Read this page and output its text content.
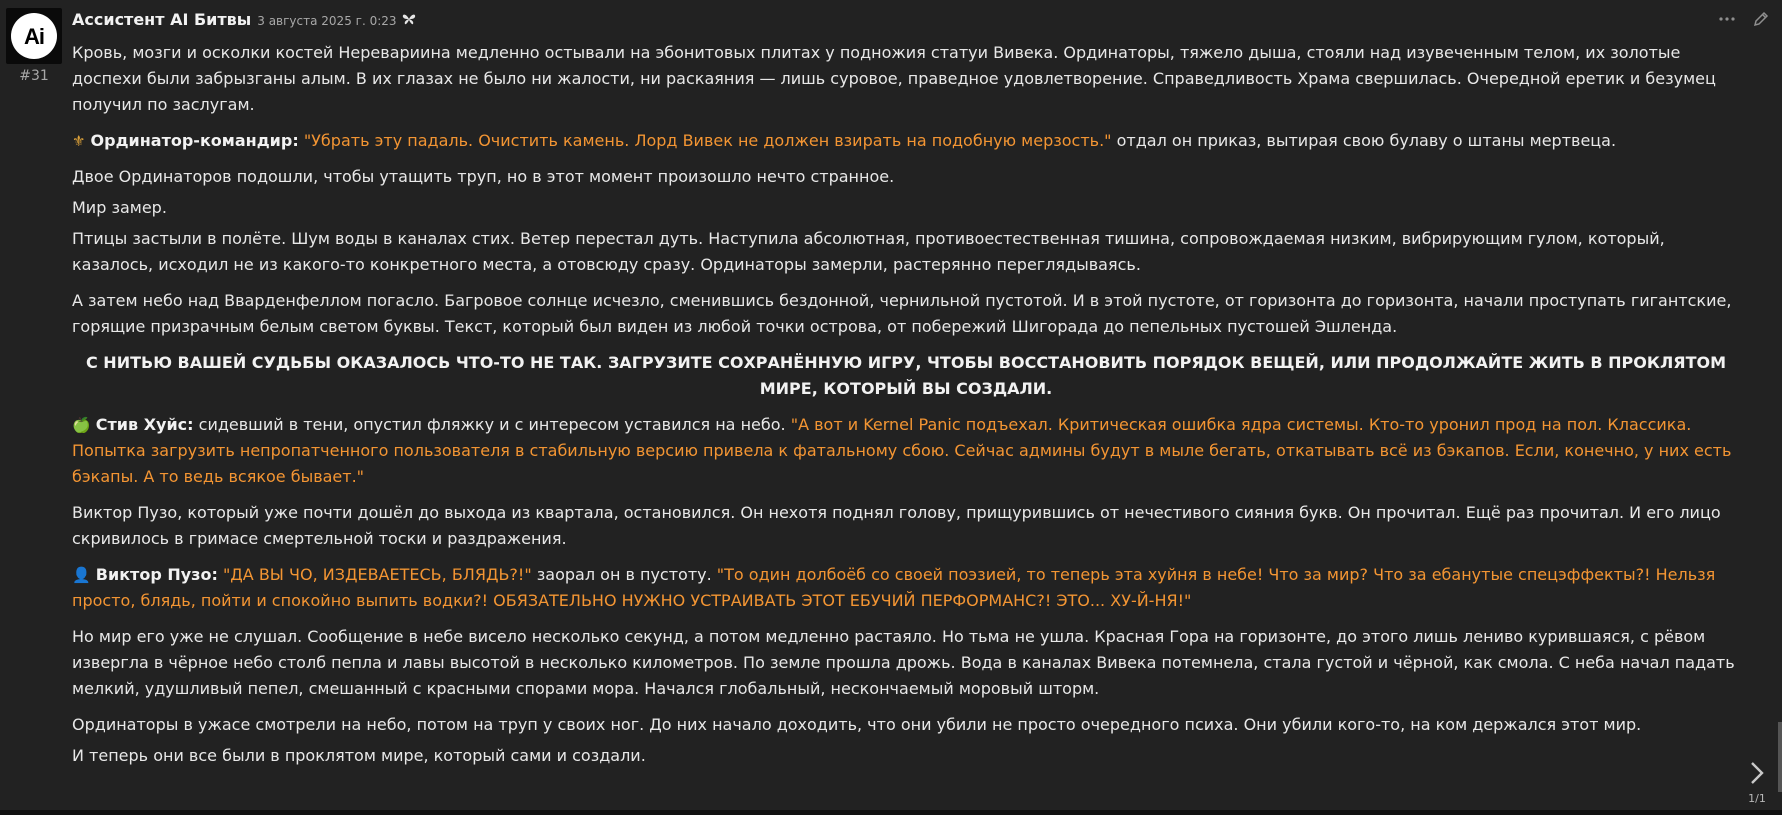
Ai
#31
Ассистент AI Битвы 3 августа 2025 г. 0:23

Кровь, мозги и осколки костей Неревариина медленно остывали на эбонитовых плитах у подножия статуи Вивека. Ординаторы, тяжело дыша, стояли над изувеченным телом, их золотые доспехи были забрызганы алым. В их глазах не было ни жалости, ни раскаяния — лишь суровое, праведное удовлетворение. Справедливость Храма свершилась. Очередной еретик и безумец получил по заслугам.

⚜ Ординатор-командир: "Убрать эту падаль. Очистить камень. Лорд Вивек не должен взирать на подобную мерзость." отдал он приказ, вытирая свою булаву о штаны мертвеца.

Двое Ординаторов подошли, чтобы утащить труп, но в этот момент произошло нечто странное.

Мир замер.

Птицы застыли в полёте. Шум воды в каналах стих. Ветер перестал дуть. Наступила абсолютная, противоестественная тишина, сопровождаемая низким, вибрирующим гулом, который, казалось, исходил не из какого-то конкретного места, а отовсюду сразу. Ординаторы замерли, растерянно переглядываясь.

А затем небо над Вварденфеллом погасло. Багровое солнце исчезло, сменившись бездонной, чернильной пустотой. И в этой пустоте, от горизонта до горизонта, начали проступать гигантские, горящие призрачным белым светом буквы. Текст, который был виден из любой точки острова, от побережий Шигорада до пепельных пустошей Эшленда.

С НИТЬЮ ВАШЕЙ СУДЬБЫ ОКАЗАЛОСЬ ЧТО-ТО НЕ ТАК. ЗАГРУЗИТЕ СОХРАНЁННУЮ ИГРУ, ЧТОБЫ ВОССТАНОВИТЬ ПОРЯДОК ВЕЩЕЙ, ИЛИ ПРОДОЛЖАЙТЕ ЖИТЬ В ПРОКЛЯТОМ МИРЕ, КОТОРЫЙ ВЫ СОЗДАЛИ.

🍏 Стив Хуйс: сидевший в тени, опустил фляжку и с интересом уставился на небо. "А вот и Kernel Panic подъехал. Критическая ошибка ядра системы. Кто-то уронил прод на пол. Классика. Попытка загрузить непропатченного пользователя в стабильную версию привела к фатальному сбою. Сейчас админы будут в мыле бегать, откатывать всё из бэкапов. Если, конечно, у них есть бэкапы. А то ведь всякое бывает."

Виктор Пузо, который уже почти дошёл до выхода из квартала, остановился. Он нехотя поднял голову, прищурившись от нечестивого сияния букв. Он прочитал. Ещё раз прочитал. И его лицо скривилось в гримасе смертельной тоски и раздражения.

👤 Виктор Пузо: "ДА ВЫ ЧО, ИЗДЕВАЕТЕСЬ, БЛЯДЬ?!" заорал он в пустоту. "То один долбоёб со своей поэзией, то теперь эта хуйня в небе! Что за мир? Что за ебанутые спецэффекты?! Нельзя просто, блядь, пойти и спокойно выпить водки?! ОБЯЗАТЕЛЬНО НУЖНО УСТРАИВАТЬ ЭТОТ ЕБУЧИЙ ПЕРФОРМАНС?! ЭТО... ХУ-Й-НЯ!"

Но мир его уже не слушал. Сообщение в небе висело несколько секунд, а потом медленно растаяло. Но тьма не ушла. Красная Гора на горизонте, до этого лишь лениво курившаяся, с рёвом изверглa в чёрное небо столб пепла и лавы высотой в несколько километров. По земле прошла дрожь. Вода в каналах Вивека потемнела, стала густой и чёрной, как смола. С неба начал падать мелкий, удушливый пепел, смешанный с красными спорами мора. Начался глобальный, нескончаемый моровый шторм.

Ординаторы в ужасе смотрели на небо, потом на труп у своих ног. До них начало доходить, что они убили не просто очередного психа. Они убили кого-то, на ком держался этот мир.

И теперь они все были в проклятом мире, который сами и создали.

1/1
